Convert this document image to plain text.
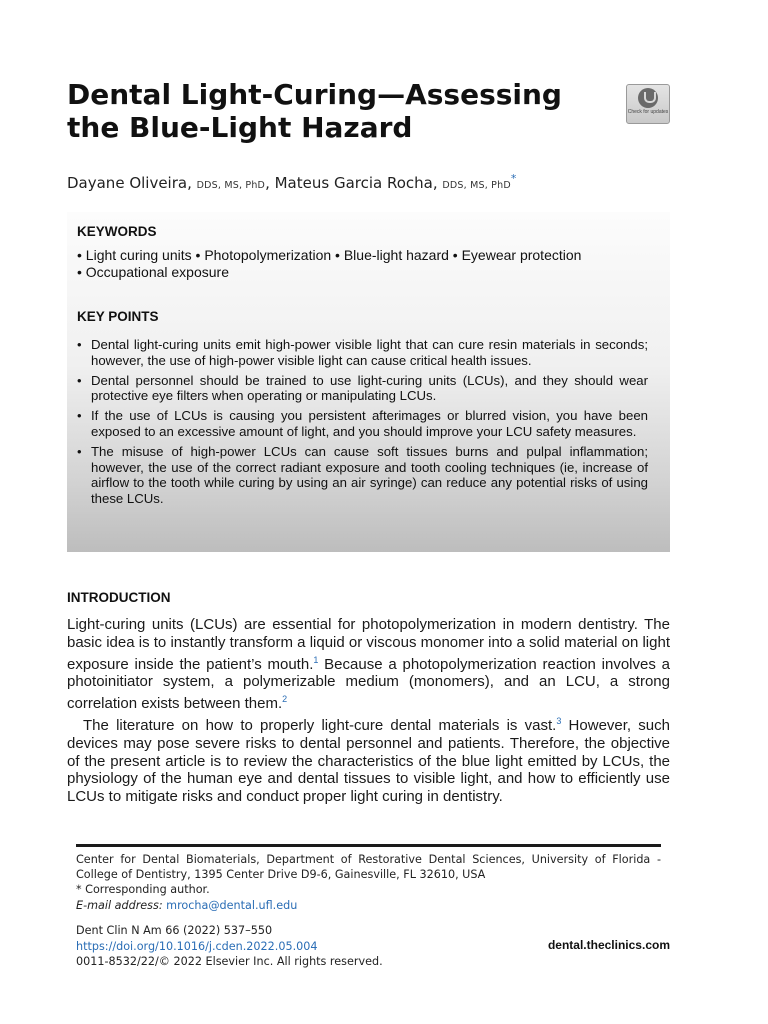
Dental Light-Curing—Assessing the Blue-Light Hazard	Check for updates
Dayane Oliveira, DDS, MS, PhD, Mateus Garcia Rocha, DDS, MS, PhD*
KEYWORDS
• Light curing units • Photopolymerization • Blue-light hazard • Eyewear protection
• Occupational exposure
KEY POINTS
• Dental light-curing units emit high-power visible light that can cure resin materials in seconds; however, the use of high-power visible light can cause critical health issues.
• Dental personnel should be trained to use light-curing units (LCUs), and they should wear protective eye filters when operating or manipulating LCUs.
• If the use of LCUs is causing you persistent afterimages or blurred vision, you have been exposed to an excessive amount of light, and you should improve your LCU safety measures.
• The misuse of high-power LCUs can cause soft tissues burns and pulpal inflammation; however, the use of the correct radiant exposure and tooth cooling techniques (ie, increase of airflow to the tooth while curing by using an air syringe) can reduce any potential risks of using these LCUs.
INTRODUCTION

Light-curing units (LCUs) are essential for photopolymerization in modern dentistry. The basic idea is to instantly transform a liquid or viscous monomer into a solid material on light exposure inside the patient’s mouth.$^1$ Because a photopolymerization reaction involves a photoinitiator system, a polymerizable medium (monomers), and an LCU, a strong correlation exists between them.$^2$

The literature on how to properly light-cure dental materials is vast.$^3$ However, such devices may pose severe risks to dental personnel and patients. Therefore, the objective of the present article is to review the characteristics of the blue light emitted by LCUs, the physiology of the human eye and dental tissues to visible light, and how to efficiently use LCUs to mitigate risks and conduct proper light curing in dentistry.

Center for Dental Biomaterials, Department of Restorative Dental Sciences, University of Florida - College of Dentistry, 1395 Center Drive D9-6, Gainesville, FL 32610, USA

* Corresponding author.

E-mail address: mrocha@dental.ufl.edu

Dent Clin N Am 66 (2022) 537–550

https://doi.org/10.1016/j.cden.2022.05.004

0011-8532/22/© 2022 Elsevier Inc. All rights reserved.

dental.theclinics.com
